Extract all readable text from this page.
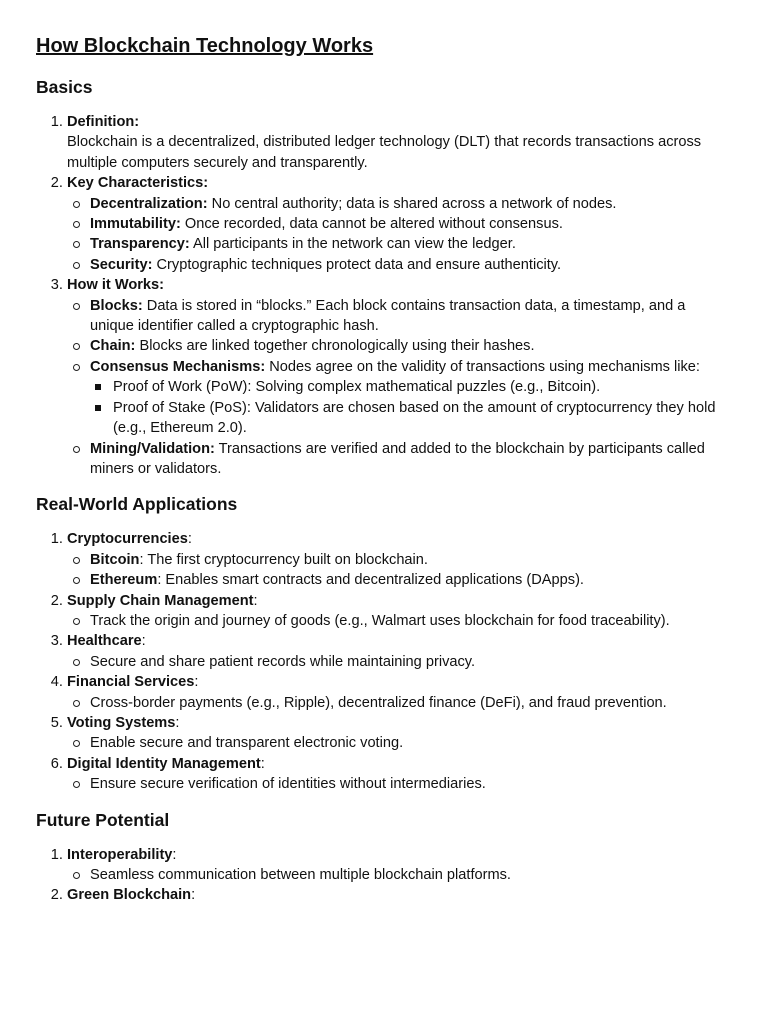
How Blockchain Technology Works
Basics
1. Definition:
Blockchain is a decentralized, distributed ledger technology (DLT) that records transactions across multiple computers securely and transparently.
2. Key Characteristics:
Decentralization: No central authority; data is shared across a network of nodes.
Immutability: Once recorded, data cannot be altered without consensus.
Transparency: All participants in the network can view the ledger.
Security: Cryptographic techniques protect data and ensure authenticity.
3. How it Works:
Blocks: Data is stored in “blocks.” Each block contains transaction data, a timestamp, and a unique identifier called a cryptographic hash.
Chain: Blocks are linked together chronologically using their hashes.
Consensus Mechanisms: Nodes agree on the validity of transactions using mechanisms like:
Proof of Work (PoW): Solving complex mathematical puzzles (e.g., Bitcoin).
Proof of Stake (PoS): Validators are chosen based on the amount of cryptocurrency they hold (e.g., Ethereum 2.0).
Mining/Validation: Transactions are verified and added to the blockchain by participants called miners or validators.
Real-World Applications
1. Cryptocurrencies:
Bitcoin: The first cryptocurrency built on blockchain.
Ethereum: Enables smart contracts and decentralized applications (DApps).
2. Supply Chain Management:
Track the origin and journey of goods (e.g., Walmart uses blockchain for food traceability).
3. Healthcare:
Secure and share patient records while maintaining privacy.
4. Financial Services:
Cross-border payments (e.g., Ripple), decentralized finance (DeFi), and fraud prevention.
5. Voting Systems:
Enable secure and transparent electronic voting.
6. Digital Identity Management:
Ensure secure verification of identities without intermediaries.
Future Potential
1. Interoperability:
Seamless communication between multiple blockchain platforms.
2. Green Blockchain:
